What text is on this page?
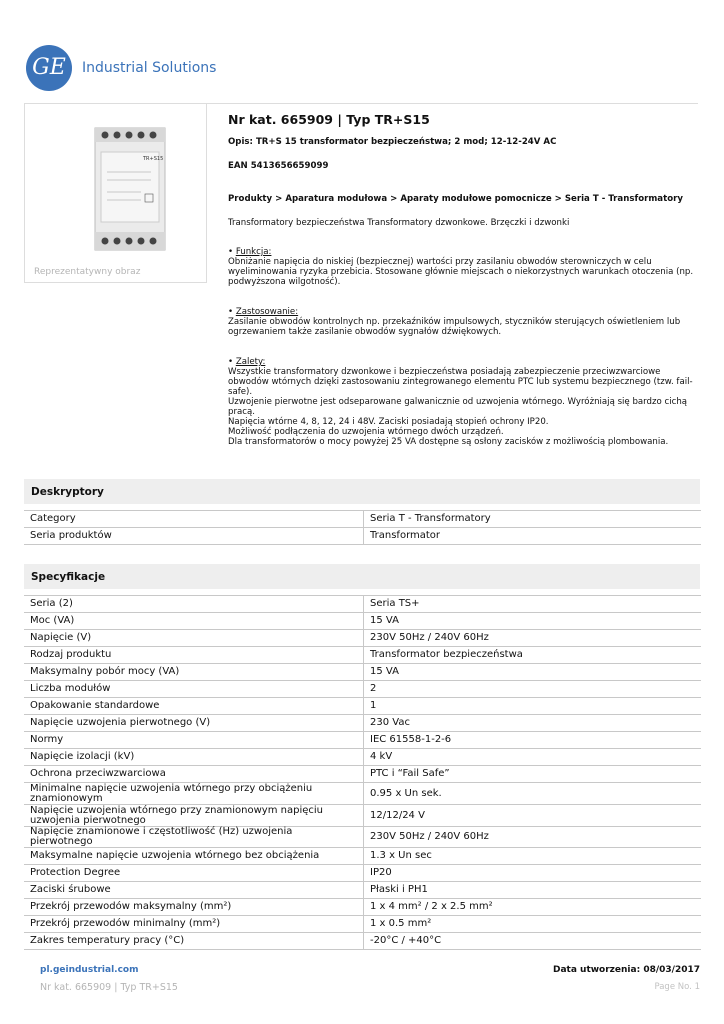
GE	Industrial Solutions
TR+S15
Reprezentatywny obraz
Nr kat. 665909 | Typ TR+S15
Opis: TR+S 15 transformator bezpieczeństwa; 2 mod; 12-12-24V AC
EAN 5413656659099
Produkty > Aparatura modułowa > Aparaty modułowe pomocnicze > Seria T - Transformatory
Transformatory bezpieczeństwa Transformatory dzwonkowe. Brzęczki i dzwonki
• Funkcja:
Obniżanie napięcia do niskiej (bezpiecznej) wartości przy zasilaniu obwodów sterowniczych w celu wyeliminowania ryzyka przebicia. Stosowane głównie miejscach o niekorzystnych warunkach otoczenia (np. podwyższona wilgotność).
• Zastosowanie:
Zasilanie obwodów kontrolnych np. przekaźników impulsowych, styczników sterujących oświetleniem lub ogrzewaniem także zasilanie obwodów sygnałów dźwiękowych.
• Zalety:
Wszystkie transformatory dzwonkowe i bezpieczeństwa posiadają zabezpieczenie przeciwzwarciowe obwodów wtórnych dzięki zastosowaniu zintegrowanego elementu PTC lub systemu bezpiecznego (tzw. fail-safe).
Uzwojenie pierwotne jest odseparowane galwanicznie od uzwojenia wtórnego. Wyróżniają się bardzo cichą pracą.
Napięcia wtórne 4, 8, 12, 24 i 48V. Zaciski posiadają stopień ochrony IP20.
Możliwość podłączenia do uzwojenia wtórnego dwóch urządzeń.
Dla transformatorów o mocy powyżej 25 VA dostępne są osłony zacisków z możliwością plombowania.
Deskryptory
Category	Seria T - Transformatory
Seria produktów	Transformator
Specyfikacje
Seria (2)	Seria TS+
Moc (VA)	15 VA
Napięcie (V)	230V 50Hz / 240V 60Hz
Rodzaj produktu	Transformator bezpieczeństwa
Maksymalny pobór mocy (VA)	15 VA
Liczba modułów	2
Opakowanie standardowe	1
Napięcie uzwojenia pierwotnego (V)	230 Vac
Normy	IEC 61558-1-2-6
Napięcie izolacji (kV)	4 kV
Ochrona przeciwzwarciowa	PTC i “Fail Safe”
Minimalne napięcie uzwojenia wtórnego przy obciążeniu znamionowym	0.95 x Un sek.
Napięcie uzwojenia wtórnego przy znamionowym napięciu uzwojenia pierwotnego	12/12/24 V
Napięcie znamionowe i częstotliwość (Hz) uzwojenia pierwotnego	230V 50Hz / 240V 60Hz
Maksymalne napięcie uzwojenia wtórnego bez obciążenia	1.3 x Un sec
Protection Degree	IP20
Zaciski śrubowe	Płaski i PH1
Przekrój przewodów maksymalny (mm²)	1 x 4 mm² / 2 x 2.5 mm²
Przekrój przewodów minimalny (mm²)	1 x 0.5 mm²
Zakres temperatury pracy (°C)	-20°C / +40°C
pl.geindustrial.com	Data utworzenia: 08/03/2017
Nr kat. 665909 | Typ TR+S15	Page No. 1
